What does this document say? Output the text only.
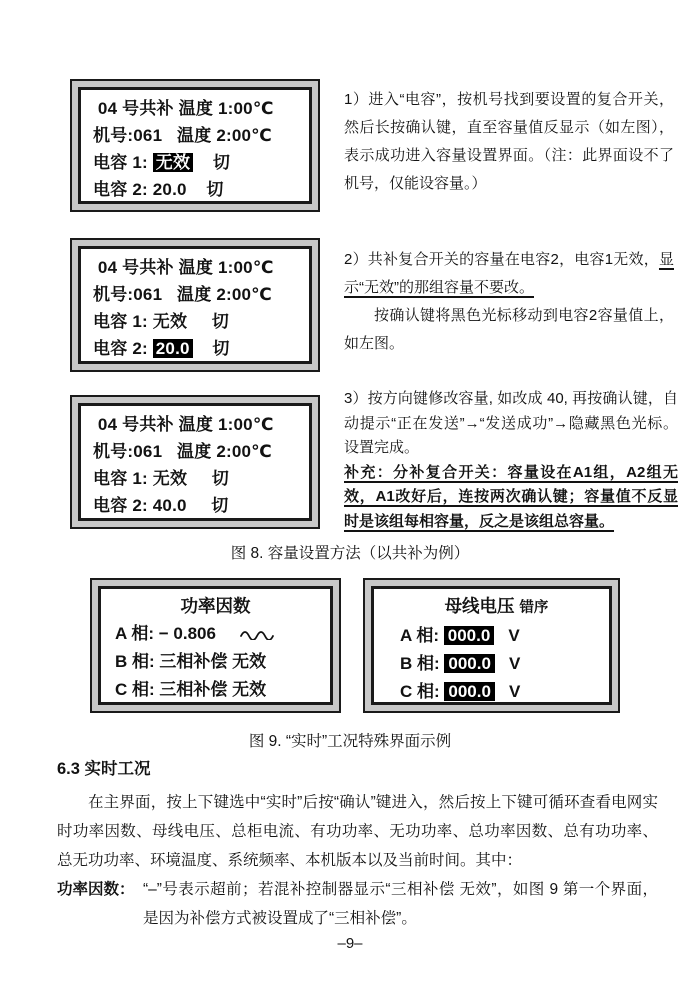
04 号共补 温度 1:00℃
机号:061   温度 2:00℃
电容 1: 无效    切
电容 2: 20.0    切

1）进入“电容”，按机号找到要设置的复合开关，然后长按确认键，直至容量值反显示（如左图），表示成功进入容量设置界面。（注：此界面设不了机号，仅能设容量。）

04 号共补 温度 1:00℃
机号:061   温度 2:00℃
电容 1: 无效     切
电容 2: 20.0    切

2）共补复合开关的容量在电容2，电容1无效，显示“无效”的那组容量不要改。

按确认键将黑色光标移动到电容2容量值上，如左图。

04 号共补 温度 1:00℃
机号:061   温度 2:00℃
电容 1: 无效     切
电容 2: 40.0     切

3）按方向键修改容量, 如改成 40, 再按确认键，自动提示“正在发送”→“发送成功”→隐藏黑色光标。设置完成。

补充：分补复合开关：容量设在A1组，A2组无效，A1改好后，连按两次确认键；容量值不反显时是该组每相容量，反之是该组总容量。

图 8. 容量设置方法（以共补为例）
功率因数
A 相: − 0.806
B 相: 三相补偿 无效
C 相: 三相补偿 无效
母线电压 错序
A 相: 000.0 V
B 相: 000.0 V
C 相: 000.0 V
图 9. “实时”工况特殊界面示例
6.3 实时工况

在主界面，按上下键选中“实时”后按“确认”键进入，然后按上下键可循环查看电网实时功率因数、母线电压、总柜电流、有功功率、无功功率、总功率因数、总有功功率、总无功功率、环境温度、系统频率、本机版本以及当前时间。其中：

功率因数： “–”号表示超前；若混补控制器显示“三相补偿 无效”，如图 9 第一个界面，是因为补偿方式被设置成了“三相补偿”。
–9–
